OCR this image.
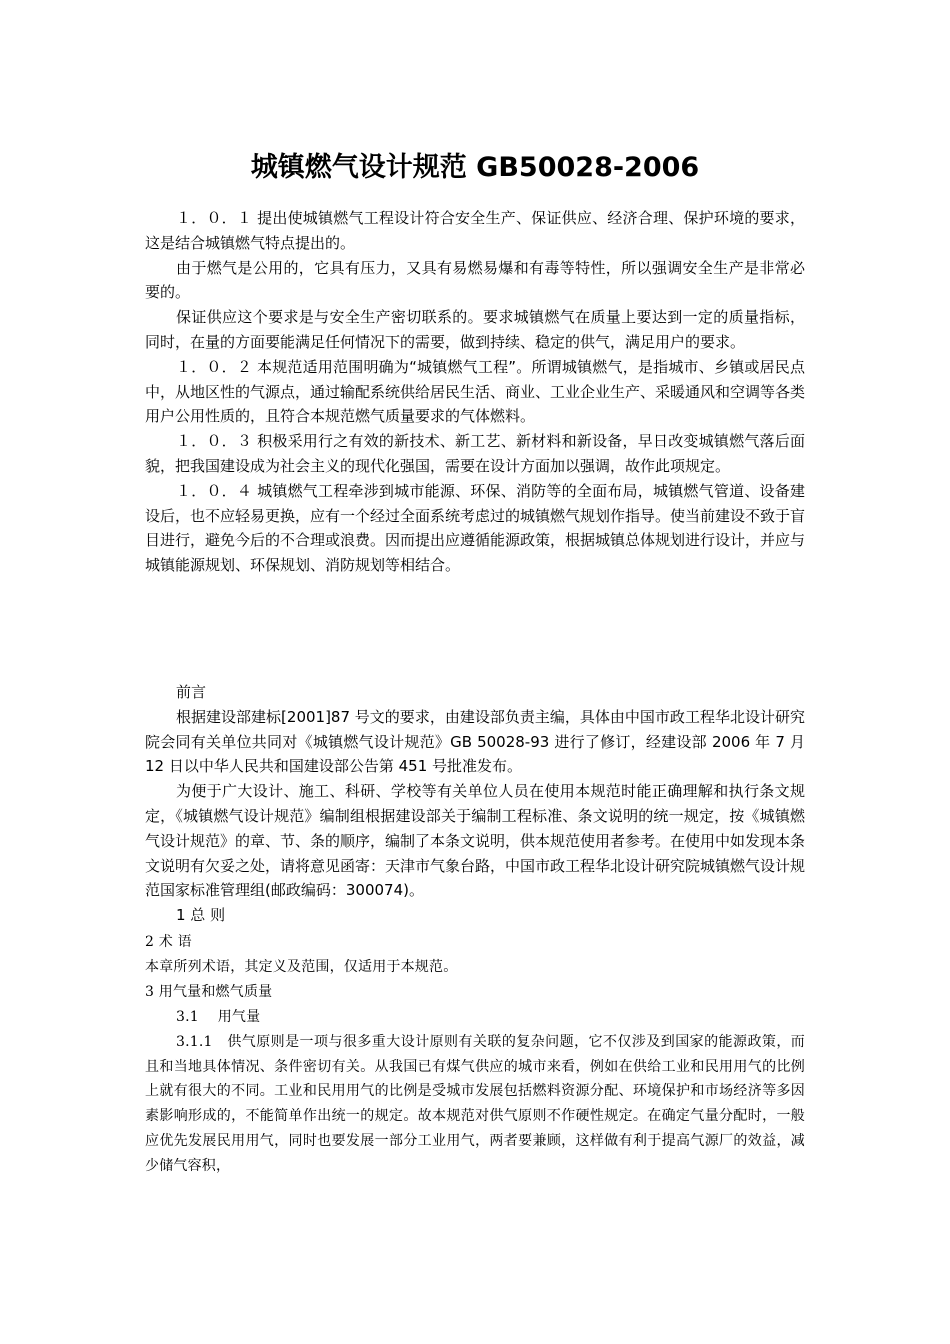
城镇燃气设计规范 GB50028-2006

１．０．１ 提出使城镇燃气工程设计符合安全生产、保证供应、经济合理、保护环境的要求，这是结合城镇燃气特点提出的。

由于燃气是公用的，它具有压力，又具有易燃易爆和有毒等特性，所以强调安全生产是非常必要的。

保证供应这个要求是与安全生产密切联系的。要求城镇燃气在质量上要达到一定的质量指标，同时，在量的方面要能满足任何情况下的需要，做到持续、稳定的供气，满足用户的要求。

１．０．２ 本规范适用范围明确为“城镇燃气工程”。所谓城镇燃气，是指城市、乡镇或居民点中，从地区性的气源点，通过输配系统供给居民生活、商业、工业企业生产、采暖通风和空调等各类用户公用性质的，且符合本规范燃气质量要求的气体燃料。

１．０．３ 积极采用行之有效的新技术、新工艺、新材料和新设备，早日改变城镇燃气落后面貌，把我国建设成为社会主义的现代化强国，需要在设计方面加以强调，故作此项规定。

１．０．４ 城镇燃气工程牵涉到城市能源、环保、消防等的全面布局，城镇燃气管道、设备建设后，也不应轻易更换，应有一个经过全面系统考虑过的城镇燃气规划作指导。使当前建设不致于盲目进行，避免今后的不合理或浪费。因而提出应遵循能源政策，根据城镇总体规划进行设计，并应与城镇能源规划、环保规划、消防规划等相结合。

前言

根据建设部建标[2001]87 号文的要求，由建设部负责主编，具体由中国市政工程华北设计研究院会同有关单位共同对《城镇燃气设计规范》GB 50028-93 进行了修订，经建设部 2006 年 7 月 12 日以中华人民共和国建设部公告第 451 号批准发布。

为便于广大设计、施工、科研、学校等有关单位人员在使用本规范时能正确理解和执行条文规定，《城镇燃气设计规范》编制组根据建设部关于编制工程标准、条文说明的统一规定，按《城镇燃气设计规范》的章、节、条的顺序，编制了本条文说明，供本规范使用者参考。在使用中如发现本条文说明有欠妥之处，请将意见函寄：天津市气象台路，中国市政工程华北设计研究院城镇燃气设计规范国家标准管理组(邮政编码：300074)。

1 总 则

2 术 语

本章所列术语，其定义及范围，仅适用于本规范。

3 用气量和燃气质量

3.1　 用气量

3.1.1　供气原则是一项与很多重大设计原则有关联的复杂问题，它不仅涉及到国家的能源政策，而且和当地具体情况、条件密切有关。从我国已有煤气供应的城市来看，例如在供给工业和民用用气的比例上就有很大的不同。工业和民用用气的比例是受城市发展包括燃料资源分配、环境保护和市场经济等多因素影响形成的，不能简单作出统一的规定。故本规范对供气原则不作硬性规定。在确定气量分配时，一般应优先发展民用用气，同时也要发展一部分工业用气，两者要兼顾，这样做有利于提高气源厂的效益，减少储气容积，
